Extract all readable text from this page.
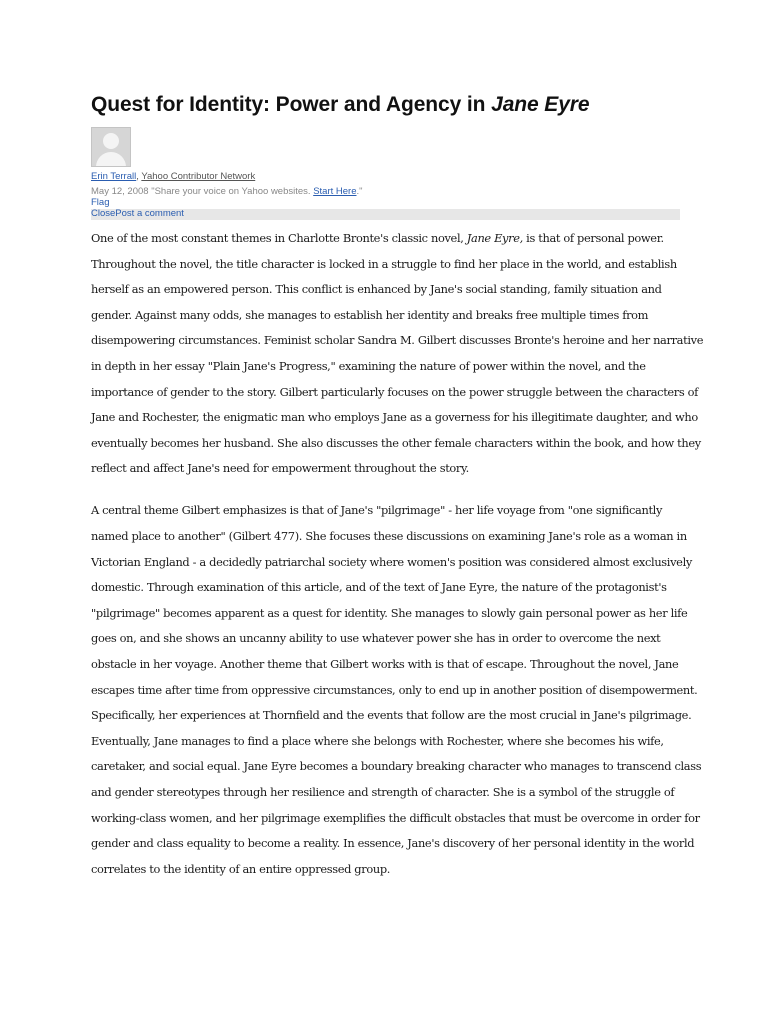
Quest for Identity: Power and Agency in Jane Eyre
Erin Terrall, Yahoo Contributor Network
May 12, 2008 "Share your voice on Yahoo websites. Start Here."
Flag
ClosePost a comment
One of the most constant themes in Charlotte Bronte's classic novel, Jane Eyre, is that of personal power.
Throughout the novel, the title character is locked in a struggle to find her place in the world, and establish
herself as an empowered person. This conflict is enhanced by Jane's social standing, family situation and
gender. Against many odds, she manages to establish her identity and breaks free multiple times from
disempowering circumstances. Feminist scholar Sandra M. Gilbert discusses Bronte's heroine and her narrative
in depth in her essay "Plain Jane's Progress," examining the nature of power within the novel, and the
importance of gender to the story. Gilbert particularly focuses on the power struggle between the characters of
Jane and Rochester, the enigmatic man who employs Jane as a governess for his illegitimate daughter, and who
eventually becomes her husband. She also discusses the other female characters within the book, and how they
reflect and affect Jane's need for empowerment throughout the story.
A central theme Gilbert emphasizes is that of Jane's "pilgrimage" - her life voyage from "one significantly
named place to another" (Gilbert 477). She focuses these discussions on examining Jane's role as a woman in
Victorian England - a decidedly patriarchal society where women's position was considered almost exclusively
domestic. Through examination of this article, and of the text of Jane Eyre, the nature of the protagonist's
"pilgrimage" becomes apparent as a quest for identity. She manages to slowly gain personal power as her life
goes on, and she shows an uncanny ability to use whatever power she has in order to overcome the next
obstacle in her voyage. Another theme that Gilbert works with is that of escape. Throughout the novel, Jane
escapes time after time from oppressive circumstances, only to end up in another position of disempowerment.
Specifically, her experiences at Thornfield and the events that follow are the most crucial in Jane's pilgrimage.
Eventually, Jane manages to find a place where she belongs with Rochester, where she becomes his wife,
caretaker, and social equal. Jane Eyre becomes a boundary breaking character who manages to transcend class
and gender stereotypes through her resilience and strength of character. She is a symbol of the struggle of
working-class women, and her pilgrimage exemplifies the difficult obstacles that must be overcome in order for
gender and class equality to become a reality. In essence, Jane's discovery of her personal identity in the world
correlates to the identity of an entire oppressed group.
